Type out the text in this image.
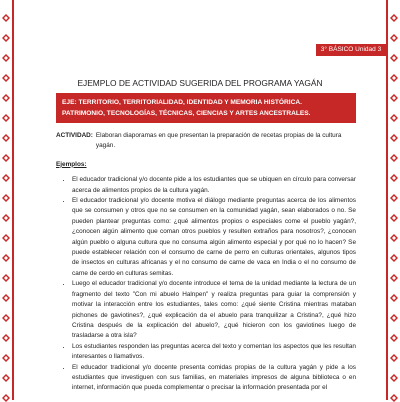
3° BÁSICO Unidad 3
EJEMPLO DE ACTIVIDAD SUGERIDA DEL PROGRAMA YAGÁN
EJE: TERRITORIO, TERRITORIALIDAD, IDENTIDAD Y MEMORIA HISTÓRICA.
PATRIMONIO, TECNOLOGÍAS, TÉCNICAS, CIENCIAS Y ARTES ANCESTRALES.
ACTIVIDAD: Elaboran diaporamas en que presentan la preparación de recetas propias de la cultura yagán.
Ejemplos:
• El educador tradicional y/o docente pide a los estudiantes que se ubiquen en círculo para conversar acerca de alimentos propios de la cultura yagán.
• El educador tradicional y/o docente motiva el diálogo mediante preguntas acerca de los alimentos que se consumen y otros que no se consumen en la comunidad yagán, sean elaborados o no. Se pueden plantear preguntas como: ¿qué alimentos propios o especiales come el pueblo yagán?, ¿conocen algún alimento que coman otros pueblos y resulten extraños para nosotros?, ¿conocen algún pueblo o alguna cultura que no consuma algún alimento especial y por qué no lo hacen? Se puede establecer relación con el consumo de carne de perro en culturas orientales, algunos tipos de insectos en culturas africanas y el no consumo de carne de vaca en India o el no consumo de carne de cerdo en culturas semitas.
• Luego el educador tradicional y/o docente introduce el tema de la unidad mediante la lectura de un fragmento del texto "Con mi abuelo Halnpen" y realiza preguntas para guiar la comprensión y motivar la interacción entre los estudiantes, tales como: ¿qué siente Cristina mientras mataban pichones de gaviotines?, ¿qué explicación da el abuelo para tranquilizar a Cristina?, ¿qué hizo Cristina después de la explicación del abuelo?, ¿qué hicieron con los gaviotines luego de trasladarse a otra isla?
• Los estudiantes responden las preguntas acerca del texto y comentan los aspectos que les resultan interesantes o llamativos.
• El educador tradicional y/o docente presenta comidas propias de la cultura yagán y pide a los estudiantes que investiguen con sus familias, en materiales impresos de alguna biblioteca o en internet, información que pueda complementar o precisar la información presentada por el
